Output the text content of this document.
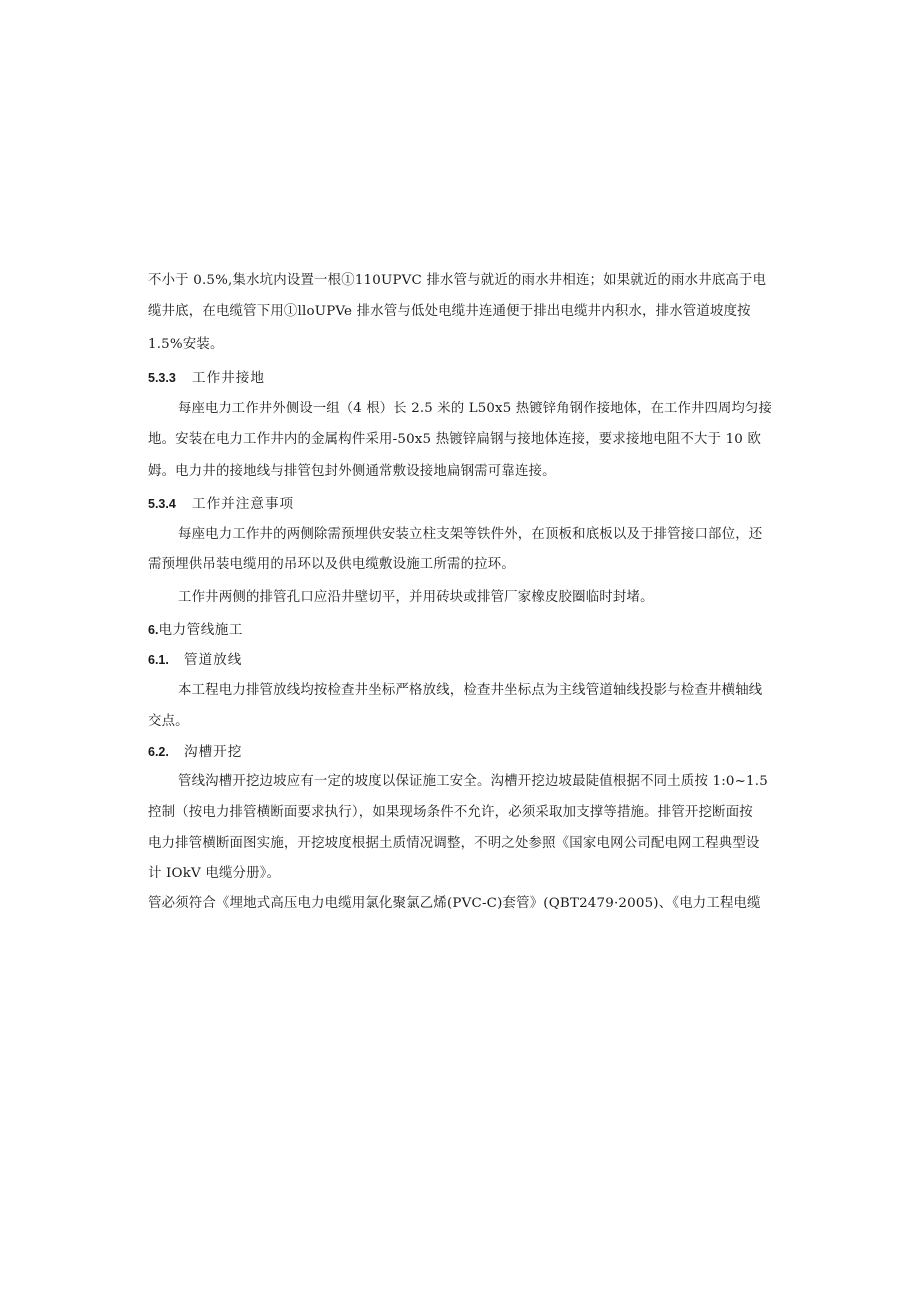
不小于 0.5%,集水坑内设置一根①110UPVC 排水管与就近的雨水井相连；如果就近的雨水井底高于电
缆井底，在电缆管下用①lloUPVe 排水管与低处电缆井连通便于排出电缆井内积水，排水管道坡度按
1.5%安装。
5.3.3 工作井接地
每座电力工作井外侧设一组（4 根）长 2.5 米的 L50x5 热镀锌角钢作接地体，在工作井四周均匀接
地。安装在电力工作井内的金属构件采用-50x5 热镀锌扁钢与接地体连接，要求接地电阻不大于 10 欧
姆。电力井的接地线与排管包封外侧通常敷设接地扁钢需可靠连接。
5.3.4 工作并注意事项
每座电力工作井的两侧除需预埋供安装立柱支架等铁件外，在顶板和底板以及于排管接口部位，还
需预埋供吊装电缆用的吊环以及供电缆敷设施工所需的拉环。
工作井两侧的排管孔口应沿井壁切平，并用砖块或排管厂家橡皮胶圈临时封堵。
6.电力管线施工
6.1. 管道放线
本工程电力排管放线均按检查井坐标严格放线，检查井坐标点为主线管道轴线投影与检查井横轴线
交点。
6.2. 沟槽开挖
管线沟槽开挖边坡应有一定的坡度以保证施工安全。沟槽开挖边坡最陡值根据不同土质按 1:0~1.5
控制（按电力排管横断面要求执行），如果现场条件不允许，必须采取加支撑等措施。排管开挖断面按
电力排管横断面图实施，开挖坡度根据土质情况调整，不明之处参照《国家电网公司配电网工程典型设
计 IOkV 电缆分册》。
管必须符合《埋地式高压电力电缆用氯化聚氯乙烯(PVC-C)套管》(QBT2479·2005)、《电力工程电缆
